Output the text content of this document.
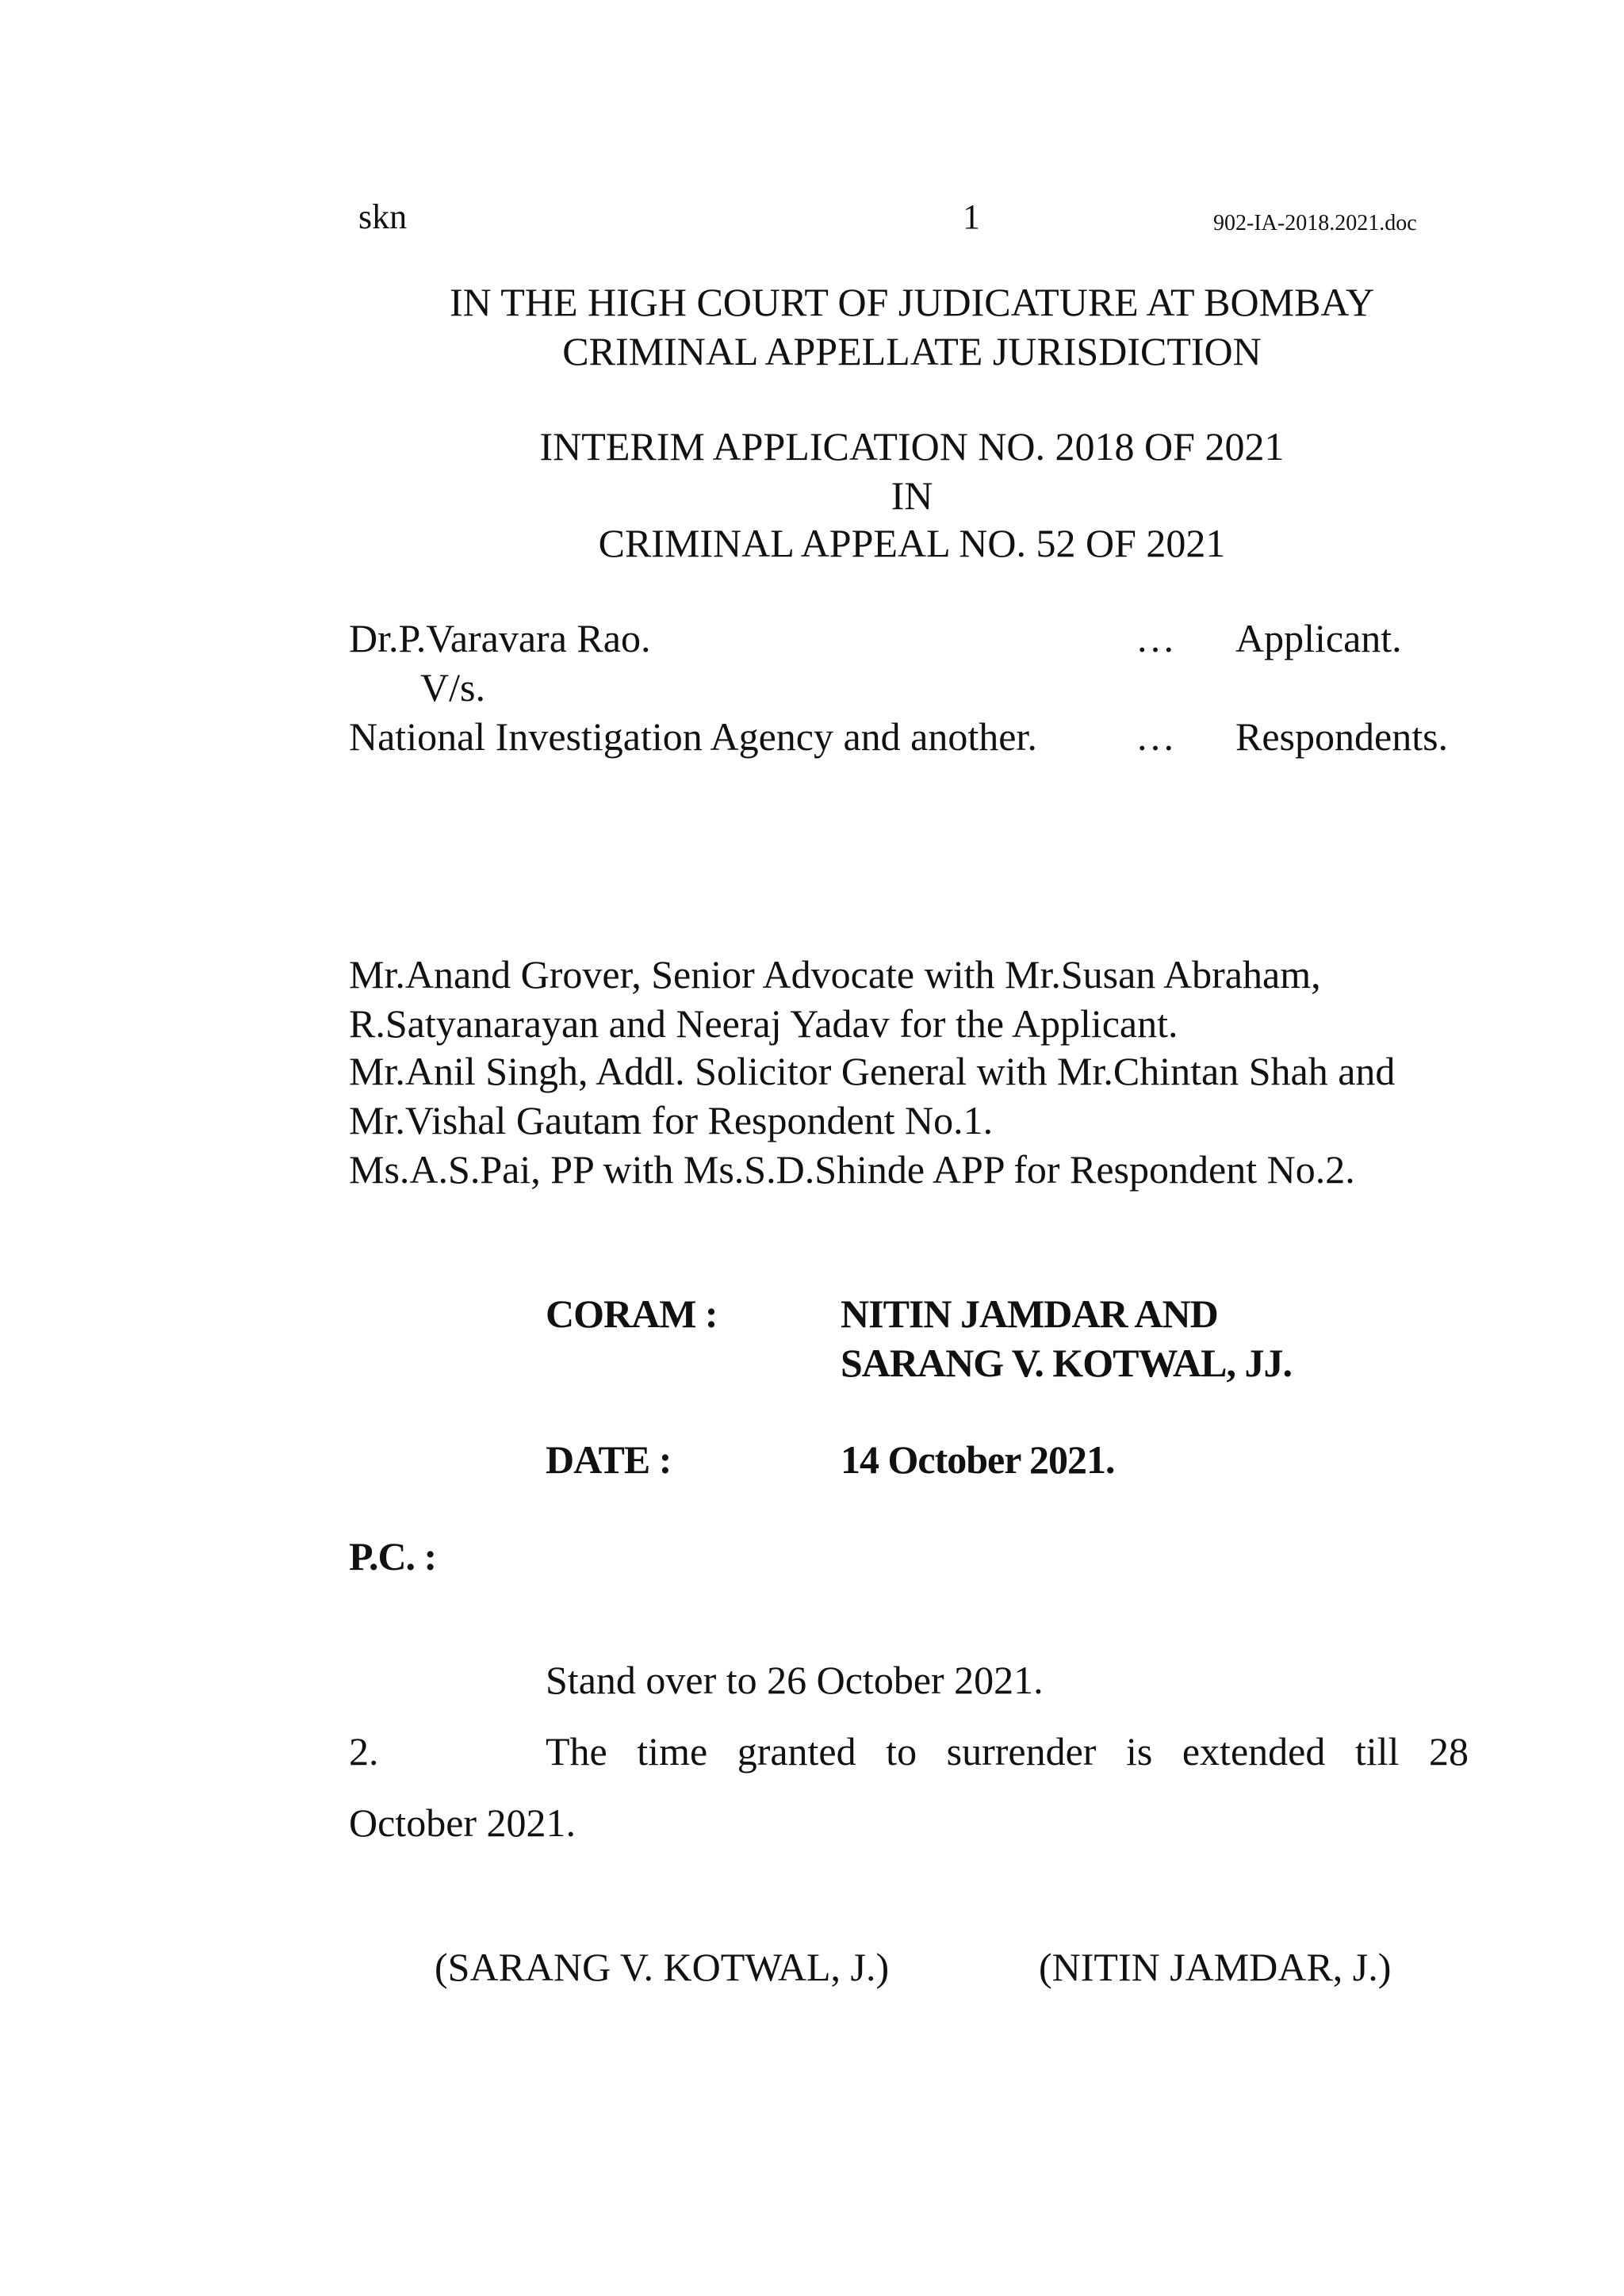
skn	1	902-IA-2018.2021.doc
IN THE HIGH COURT OF JUDICATURE AT BOMBAY
CRIMINAL APPELLATE JURISDICTION
INTERIM APPLICATION NO. 2018 OF 2021
IN
CRIMINAL APPEAL NO. 52 OF 2021
Dr.P.Varavara Rao.	… Applicant.
V/s.
National Investigation Agency and another. … Respondents.
Mr.Anand Grover, Senior Advocate with Mr.Susan Abraham,
R.Satyanarayan and Neeraj Yadav for the Applicant.
Mr.Anil Singh, Addl. Solicitor General with Mr.Chintan Shah and
Mr.Vishal Gautam for Respondent No.1.
Ms.A.S.Pai, PP with Ms.S.D.Shinde APP for Respondent No.2.
CORAM :	NITIN JAMDAR AND
SARANG V. KOTWAL, JJ.
DATE :	14 October 2021.
P.C. :
Stand over to 26 October 2021.
2.	The time granted to surrender is extended till 28
October 2021.
(SARANG V. KOTWAL, J.)	(NITIN JAMDAR, J.)
